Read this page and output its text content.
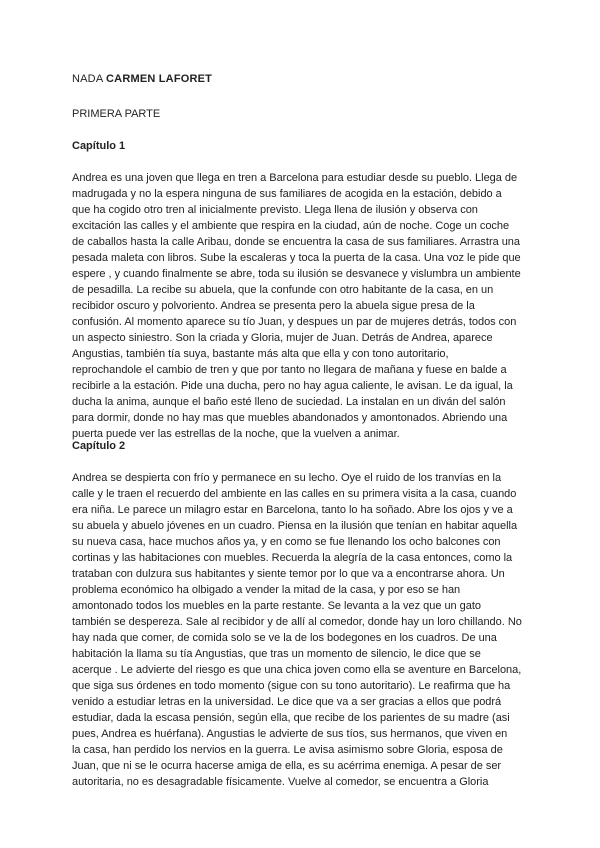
NADA CARMEN LAFORET
PRIMERA PARTE
Capítulo 1
Andrea es una joven que llega en tren a Barcelona para estudiar desde su pueblo. Llega de
madrugada y no la espera ninguna de sus familiares de acogida en la estación, debido a
que ha cogido otro tren al inicialmente previsto. Llega llena de ilusión y observa con
excitación las calles y el ambiente que respira en la ciudad, aún de noche. Coge un coche
de caballos hasta la calle Aribau, donde se encuentra la casa de sus familiares. Arrastra una
pesada maleta con libros. Sube la escaleras y toca la puerta de la casa. Una voz le pide que
espere , y cuando finalmente se abre, toda su ilusión se desvanece y vislumbra un ambiente
de pesadilla. La recibe su abuela, que la confunde con otro habitante de la casa, en un
recibidor oscuro y polvoriento. Andrea se presenta pero la abuela sigue presa de la
confusión. Al momento aparece su tío Juan, y despues un par de mujeres detrás, todos con
un aspecto siniestro. Son la criada y Gloria, mujer de Juan. Detrás de Andrea, aparece
Angustias, también tía suya, bastante más alta que ella y con tono autoritario,
reprochandole el cambio de tren y que por tanto no llegara de mañana y fuese en balde a
recibirle a la estación. Pide una ducha, pero no hay agua caliente, le avisan. Le da igual, la
ducha la anima, aunque el baño esté lleno de suciedad. La instalan en un diván del salón
para dormir, donde no hay mas que muebles abandonados y amontonados. Abriendo una
puerta puede ver las estrellas de la noche, que la vuelven a animar.
Capítulo 2
Andrea se despierta con frío y permanece en su lecho. Oye el ruido de los tranvías en la
calle y le traen el recuerdo del ambiente en las calles en su primera visita a la casa, cuando
era niña. Le parece un milagro estar en Barcelona, tanto lo ha soñado. Abre los ojos y ve a
su abuela y abuelo jóvenes en un cuadro. Piensa en la ilusión que tenían en habitar aquella
su nueva casa, hace muchos años ya, y en como se fue llenando los ocho balcones con
cortinas y las habitaciones con muebles. Recuerda la alegría de la casa entonces, como la
trataban con dulzura sus habitantes y siente temor por lo que va a encontrarse ahora. Un
problema económico ha olbigado a vender la mitad de la casa, y por eso se han
amontonado todos los muebles en la parte restante. Se levanta a la vez que un gato
también se despereza. Sale al recibidor y de allí al comedor, donde hay un loro chillando. No
hay nada que comer, de comida solo se ve la de los bodegones en los cuadros. De una
habitación la llama su tía Angustias, que tras un momento de silencio, le dice que se
acerque . Le advierte del riesgo es que una chica joven como ella se aventure en Barcelona,
que siga sus órdenes en todo momento (sigue con su tono autoritario). Le reafirma que ha
venido a estudiar letras en la universidad. Le dice que va a ser gracias a ellos que podrá
estudiar, dada la escasa pensión, según ella, que recibe de los parientes de su madre (asi
pues, Andrea es huérfana). Angustias le advierte de sus tíos, sus hermanos, que viven en
la casa, han perdido los nervios en la guerra. Le avisa asimismo sobre Gloria, esposa de
Juan, que ni se le ocurra hacerse amiga de ella, es su acérrima enemiga. A pesar de ser
autoritaria, no es desagradable físicamente. Vuelve al comedor, se encuentra a Gloria
